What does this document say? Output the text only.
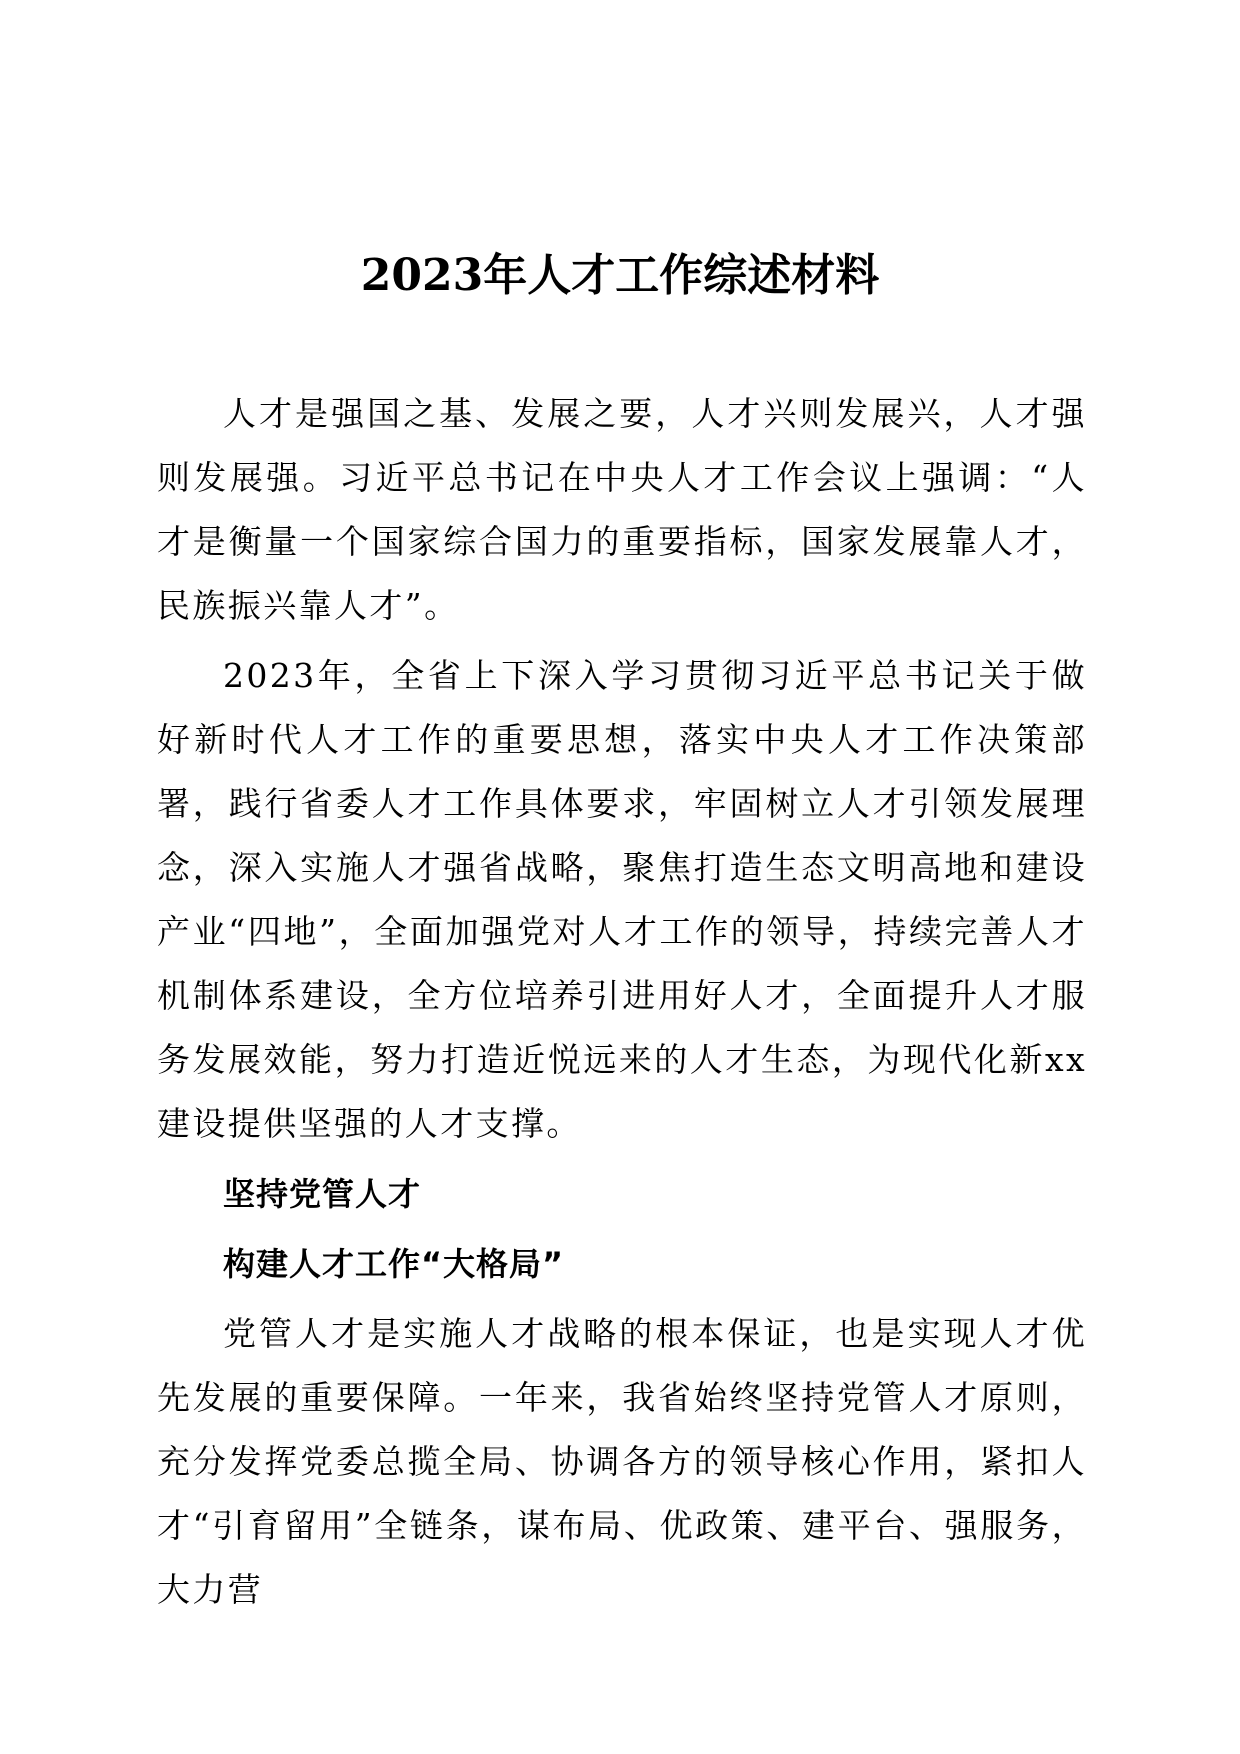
2023年人才工作综述材料

人才是强国之基、发展之要，人才兴则发展兴，人才强则发展强。习近平总书记在中央人才工作会议上强调：“人才是衡量一个国家综合国力的重要指标，国家发展靠人才，民族振兴靠人才”。

2023年，全省上下深入学习贯彻习近平总书记关于做好新时代人才工作的重要思想，落实中央人才工作决策部署，践行省委人才工作具体要求，牢固树立人才引领发展理念，深入实施人才强省战略，聚焦打造生态文明高地和建设产业“四地”，全面加强党对人才工作的领导，持续完善人才机制体系建设，全方位培养引进用好人才，全面提升人才服务发展效能，努力打造近悦远来的人才生态，为现代化新xx建设提供坚强的人才支撑。

坚持党管人才

构建人才工作“大格局”

党管人才是实施人才战略的根本保证，也是实现人才优先发展的重要保障。一年来，我省始终坚持党管人才原则，充分发挥党委总揽全局、协调各方的领导核心作用，紧扣人才“引育留用”全链条，谋布局、优政策、建平台、强服务，大力营
